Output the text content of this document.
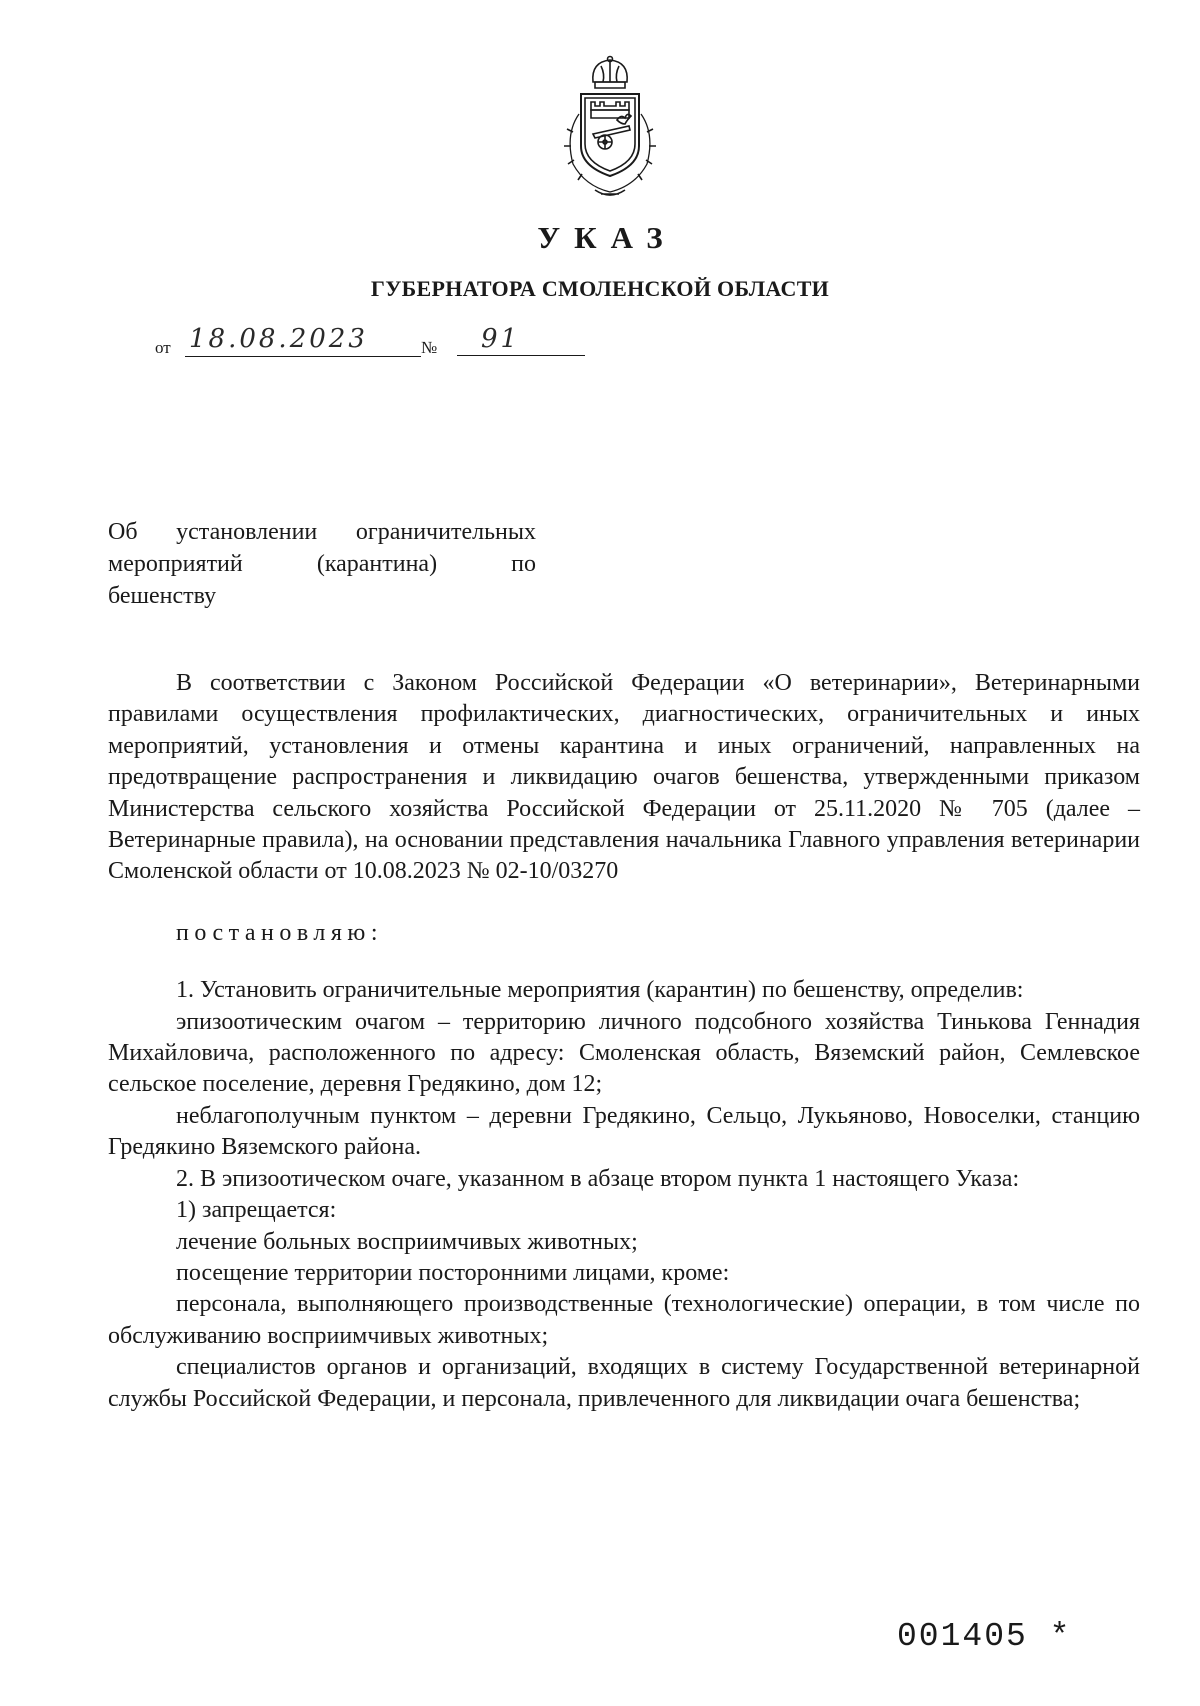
УКАЗ
ГУБЕРНАТОРА СМОЛЕНСКОЙ ОБЛАСТИ
от 18.08.2023	№	91
Об установлении ограничительных
мероприятий (карантина) по
бешенству

В соответствии с Законом Российской Федерации «О ветеринарии», Ветеринарными правилами осуществления профилактических, диагностических, ограничительных и иных мероприятий, установления и отмены карантина и иных ограничений, направленных на предотвращение распространения и ликвидацию очагов бешенства, утвержденными приказом Министерства сельского хозяйства Российской Федерации от 25.11.2020 № 705 (далее – Ветеринарные правила), на основании представления начальника Главного управления ветеринарии Смоленской области от 10.08.2023 № 02-10/03270

постановляю:

1. Установить ограничительные мероприятия (карантин) по бешенству, определив:

эпизоотическим очагом – территорию личного подсобного хозяйства Тинькова Геннадия Михайловича, расположенного по адресу: Смоленская область, Вяземский район, Семлевское сельское поселение, деревня Гредякино, дом 12;

неблагополучным пунктом – деревни Гредякино, Сельцо, Лукьяново, Новоселки, станцию Гредякино Вяземского района.

2. В эпизоотическом очаге, указанном в абзаце втором пункта 1 настоящего Указа:

1) запрещается:

лечение больных восприимчивых животных;

посещение территории посторонними лицами, кроме:

персонала, выполняющего производственные (технологические) операции, в том числе по обслуживанию восприимчивых животных;

специалистов органов и организаций, входящих в систему Государственной ветеринарной службы Российской Федерации, и персонала, привлеченного для ликвидации очага бешенства;

001405 *
